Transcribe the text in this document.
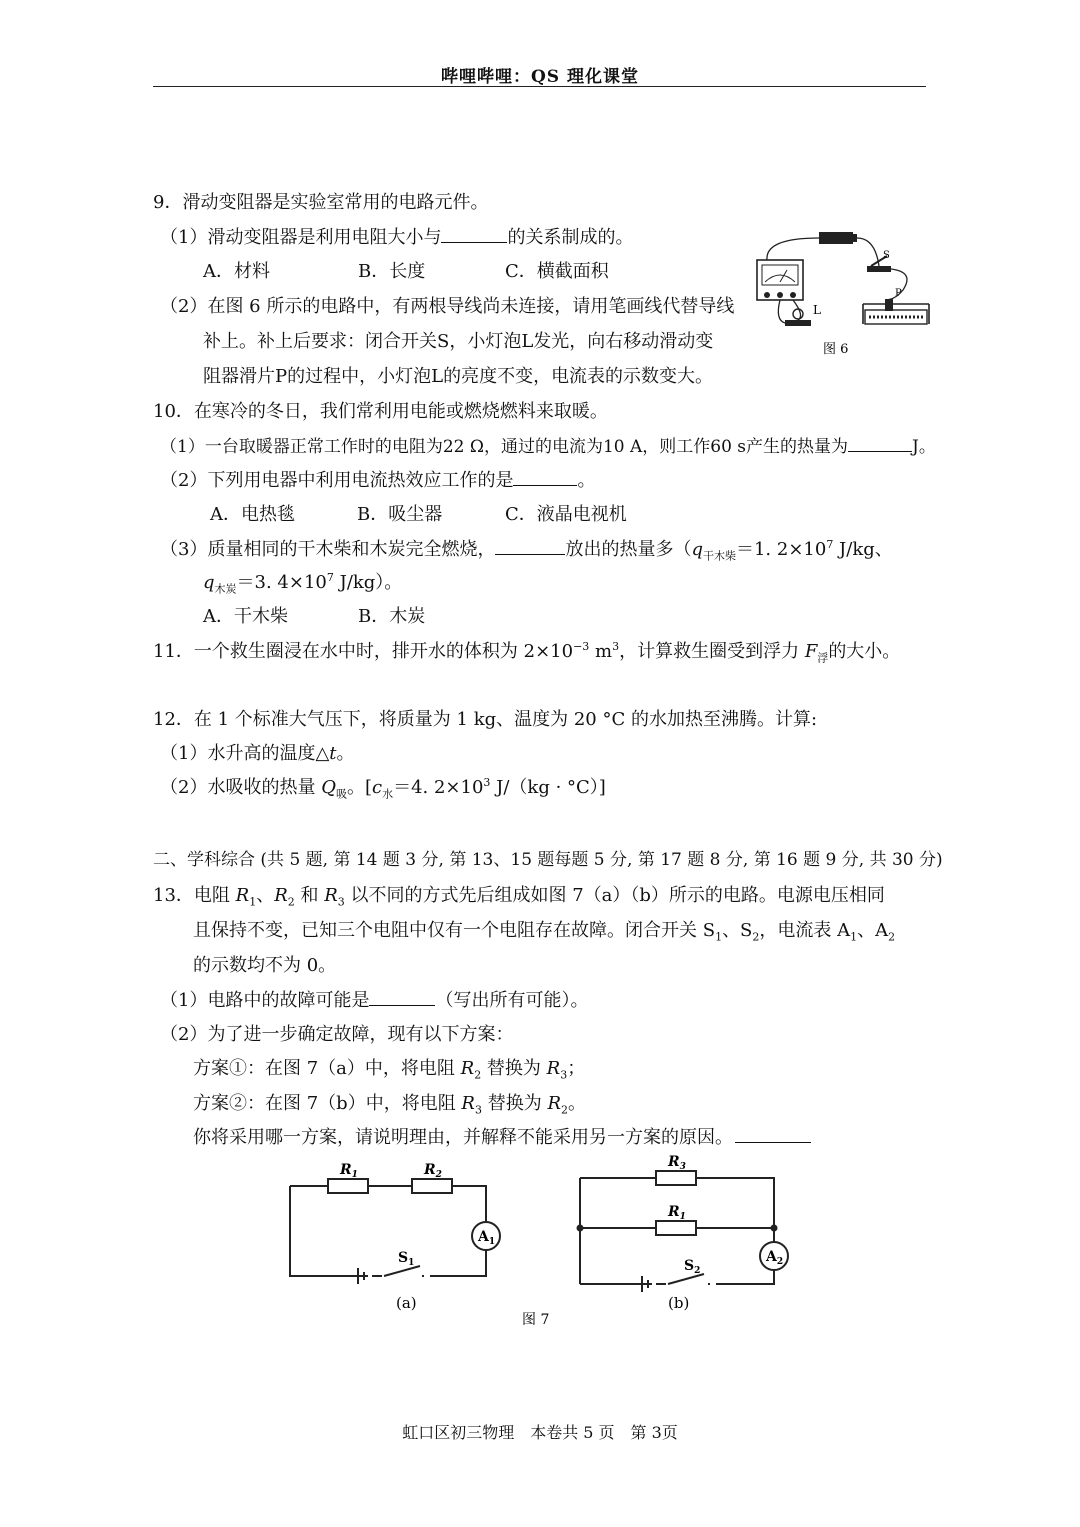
哔哩哔哩：QS 理化课堂
9．滑动变阻器是实验室常用的电路元件。
（1）滑动变阻器是利用电阻大小与	的关系制成的。
A．材料	B．长度	C．横截面积
（2）在图 6 所示的电路中，有两根导线尚未连接，请用笔画线代替导线
补上。补上后要求：闭合开关S，小灯泡L发光，向右移动滑动变
阻器滑片P的过程中，小灯泡L的亮度不变，电流表的示数变大。
S
L
P
图 6
10．在寒冷的冬日，我们常利用电能或燃烧燃料来取暖。
（1）一台取暖器正常工作时的电阻为22 Ω，通过的电流为10 A，则工作60 s产生的热量为	J。
（2）下列用电器中利用电流热效应工作的是	。
A．电热毯	B．吸尘器	C．液晶电视机
（3）质量相同的干木柴和木炭完全燃烧，	放出的热量多（$q_{干木柴}=1$. $2\times 10^7$ J/kg、
$q_{木炭}=3$. $4\times 10^7$ J/kg）。
A．干木柴	B．木炭
11．一个救生圈浸在水中时，排开水的体积为 $2\times 10^{-3}$ $m^3$，计算救生圈受到浮力 $F_浮$的大小。
12．在 1 个标准大气压下，将质量为 1 kg、温度为 20 °C 的水加热至沸腾。计算:
（1）水升高的温度△t。
（2）水吸收的热量 $Q_吸$。[$c_水=4$. $2\times 10^3$ J/（kg · °C）]
二、学科综合 (共 5 题, 第 14 题 3 分, 第 13、15 题每题 5 分, 第 17 题 8 分, 第 16 题 9 分, 共 30 分)
13．电阻 $R_1$、$R_2$ 和 $R_3$ 以不同的方式先后组成如图 7（a）（b）所示的电路。电源电压相同
且保持不变，已知三个电阻中仅有一个电阻存在故障。闭合开关 $S_1$、$S_2$，电流表 $A_1$、$A_2$
的示数均不为 0。
（1）电路中的故障可能是	（写出所有可能）。
（2）为了进一步确定故障，现有以下方案：
方案①：在图 7（a）中，将电阻 $R_2$ 替换为 $R_3$；
方案②：在图 7（b）中，将电阻 $R_3$ 替换为 $R_2$。
你将采用哪一方案，请说明理由，并解释不能采用另一方案的原因。
$A_1$
$R_1$	$R_2$
$S_1$
(a)
$A_2$
$R_3$
$R_1$
$S_2$
(b)
图 7
虹口区初三物理　本卷共 5 页　第 3页
